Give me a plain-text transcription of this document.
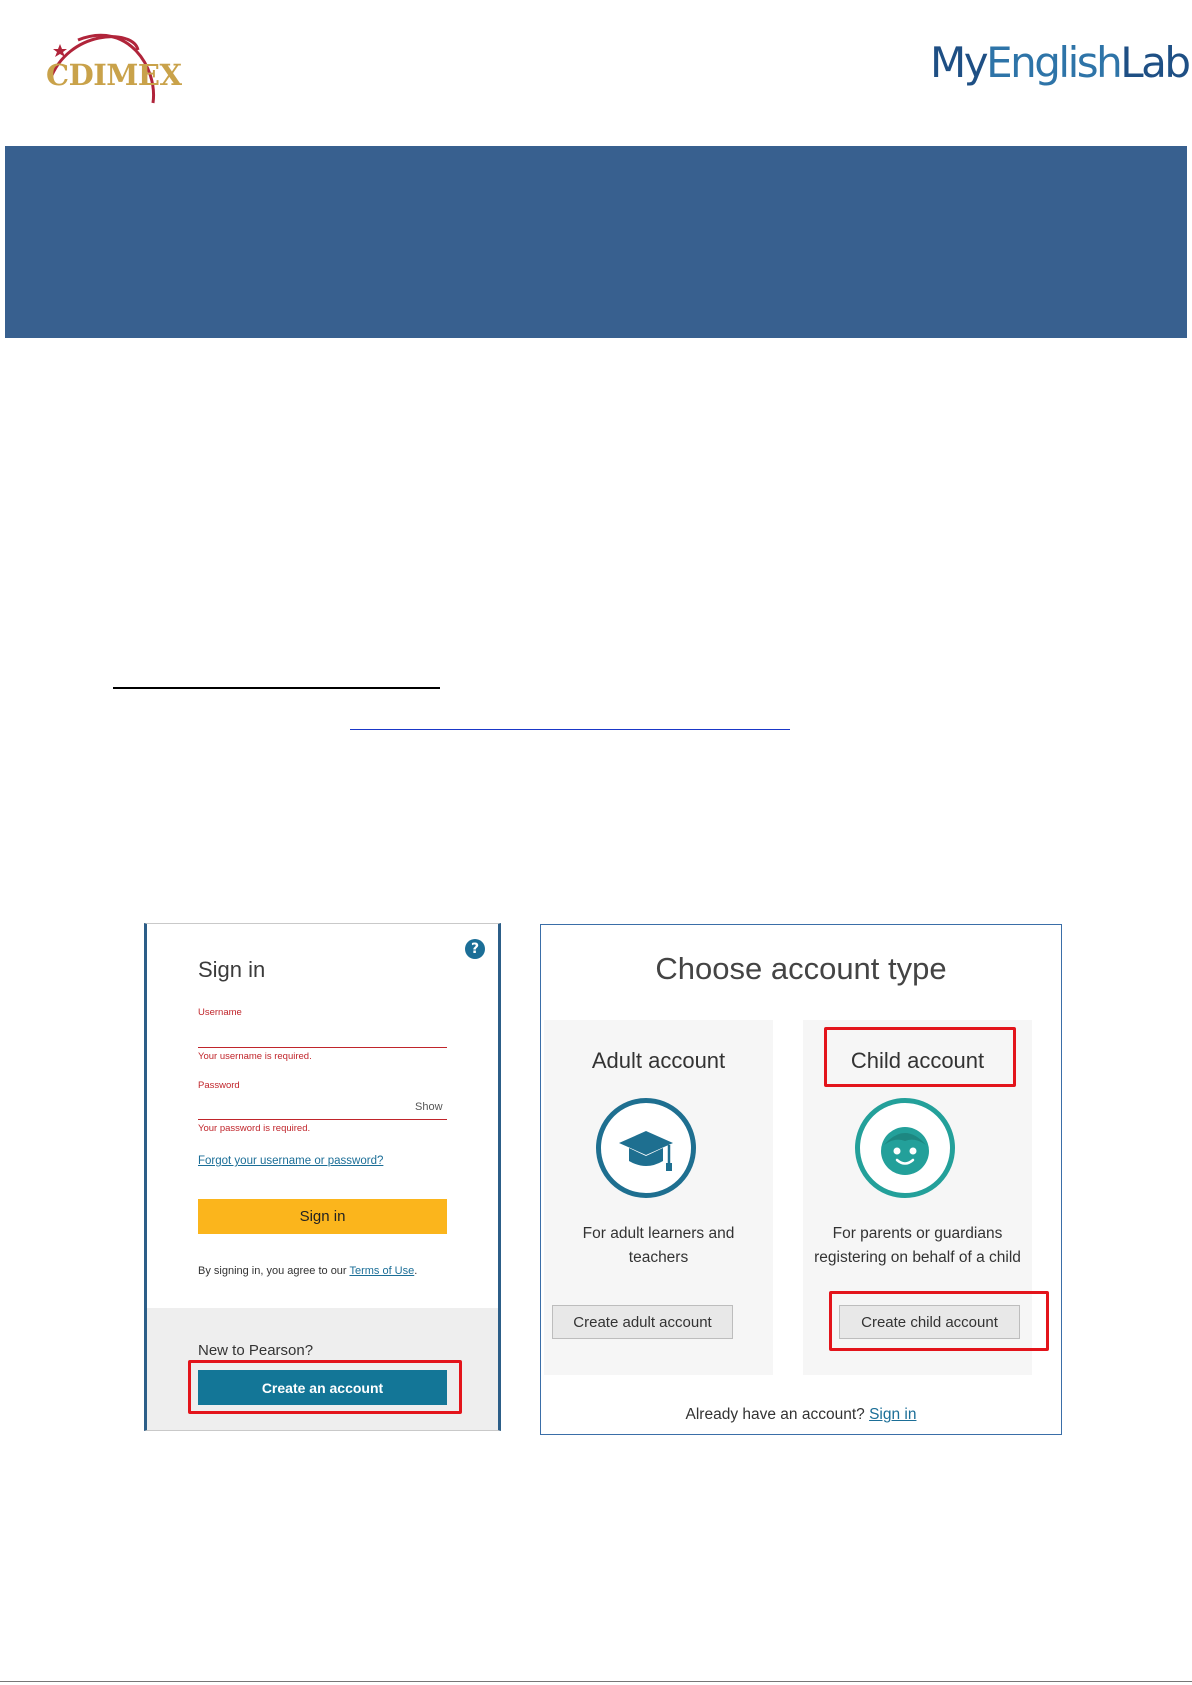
CDIMEX	MyEnglishLab
?
Sign in
Username
Your username is required.
Password
Show
Your password is required.
Forgot your username or password?
Sign in
By signing in, you agree to our Terms of Use.
New to Pearson?
Create an account
Choose account type
Adult account
For adult learners and
teachers
Create adult account
Child account
For parents or guardians
registering on behalf of a child
Create child account
Already have an account? Sign in
